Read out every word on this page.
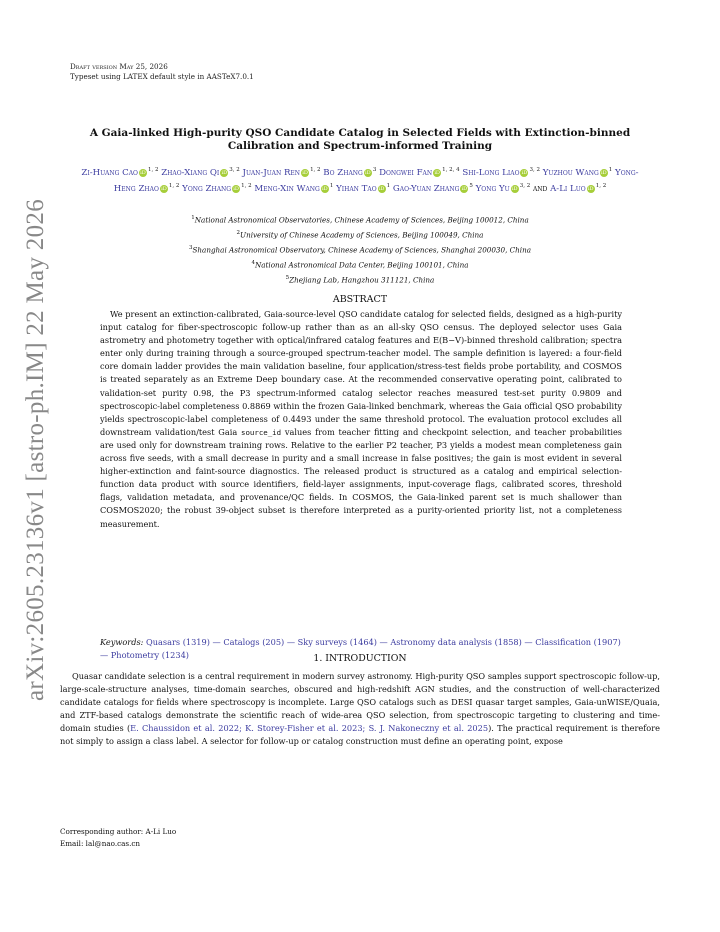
arXiv:2605.23136v1 [astro-ph.IM] 22 May 2026
Draft version May 25, 2026
Typeset using LATEX default style in AASTeX7.0.1
A Gaia-linked High-purity QSO Candidate Catalog in Selected Fields with Extinction-binned Calibration and Spectrum-informed Training
Zi-Huang Cao iD $^{1, 2}$ Zhao-Xiang Qi iD $^{3, 2}$ Juan-Juan Ren iD $^{1, 2}$ Bo Zhang iD $^3$ Dongwei Fan iD $^{1, 2, 4}$ Shi-Long Liao iD $^{3, 2}$ Yuzhou Wang iD $^1$ Yong-Heng Zhao iD $^{1, 2}$ Yong Zhang iD $^{1, 2}$ Meng-Xin Wang iD $^1$ Yihan Tao iD $^1$ Gao-Yuan Zhang iD $^5$ Yong Yu iD $^{3, 2}$ and A-Li Luo iD $^{1, 2}$
$^1$National Astronomical Observatories, Chinese Academy of Sciences, Beijing 100012, China
$^2$University of Chinese Academy of Sciences, Beijing 100049, China
$^3$Shanghai Astronomical Observatory, Chinese Academy of Sciences, Shanghai 200030, China
$^4$National Astronomical Data Center, Beijing 100101, China
$^5$Zhejiang Lab, Hangzhou 311121, China
ABSTRACT

We present an extinction-calibrated, Gaia-source-level QSO candidate catalog for selected fields, designed as a high-purity input catalog for fiber-spectroscopic follow-up rather than as an all-sky QSO census. The deployed selector uses Gaia astrometry and photometry together with optical/infrared catalog features and E(B−V)-binned threshold calibration; spectra enter only during training through a source-grouped spectrum-teacher model. The sample definition is layered: a four-field core domain ladder provides the main validation baseline, four application/stress-test fields probe portability, and COSMOS is treated separately as an Extreme Deep boundary case. At the recommended conservative operating point, calibrated to validation-set purity 0.98, the P3 spectrum-informed catalog selector reaches measured test-set purity 0.9809 and spectroscopic-label completeness 0.8869 within the frozen Gaia-linked benchmark, whereas the Gaia official QSO probability yields spectroscopic-label completeness of 0.4493 under the same threshold protocol. The evaluation protocol excludes all downstream validation/test Gaia source_id values from teacher fitting and checkpoint selection, and teacher probabilities are used only for downstream training rows. Relative to the earlier P2 teacher, P3 yields a modest mean completeness gain across five seeds, with a small decrease in purity and a small increase in false positives; the gain is most evident in several higher-extinction and faint-source diagnostics. The released product is structured as a catalog and empirical selection-function data product with source identifiers, field-layer assignments, input-coverage flags, calibrated scores, threshold flags, validation metadata, and provenance/QC fields. In COSMOS, the Gaia-linked parent set is much shallower than COSMOS2020; the robust 39-object subset is therefore interpreted as a purity-oriented priority list, not a completeness measurement.

Keywords: Quasars (1319) — Catalogs (205) — Sky surveys (1464) — Astronomy data analysis (1858) — Classification (1907) — Photometry (1234)	1. INTRODUCTION

Quasar candidate selection is a central requirement in modern survey astronomy. High-purity QSO samples support spectroscopic follow-up, large-scale-structure analyses, time-domain searches, obscured and high-redshift AGN studies, and the construction of well-characterized candidate catalogs for fields where spectroscopy is incomplete. Large QSO catalogs such as DESI quasar target samples, Gaia-unWISE/Quaia, and ZTF-based catalogs demonstrate the scientific reach of wide-area QSO selection, from spectroscopic targeting to clustering and time-domain studies (E. Chaussidon et al. 2022; K. Storey-Fisher et al. 2023; S. J. Nakoneczny et al. 2025). The practical requirement is therefore not simply to assign a class label. A selector for follow-up or catalog construction must define an operating point, expose

Corresponding author: A-Li Luo
Email: lal@nao.cas.cn
